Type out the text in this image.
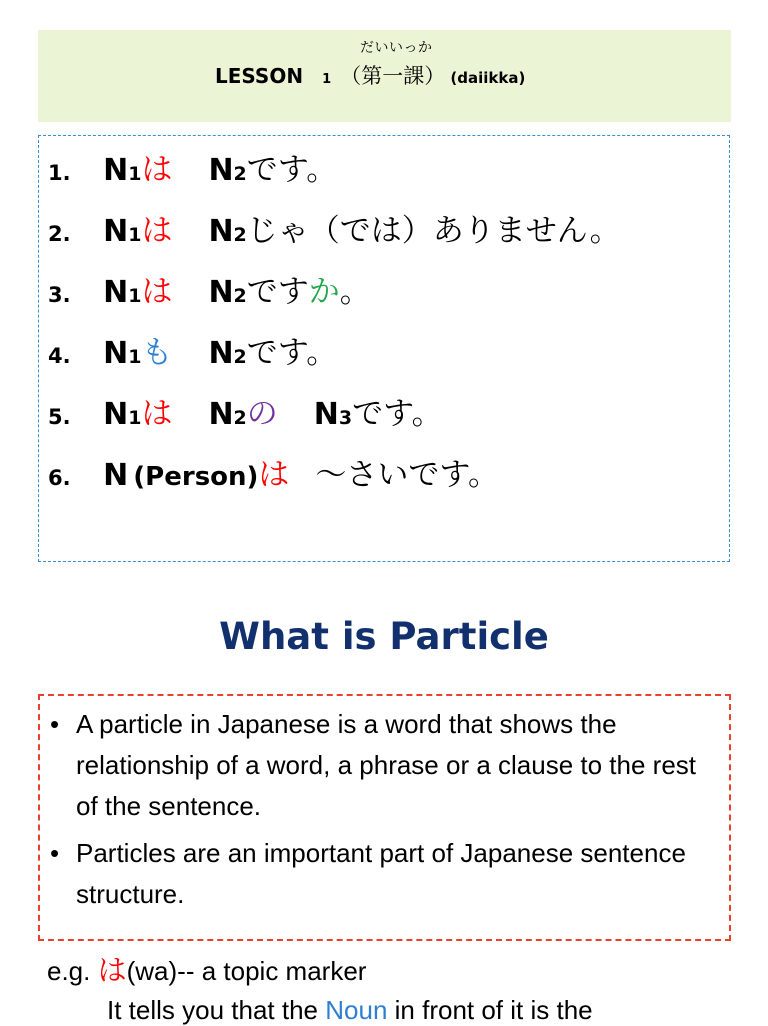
だいいっか
LESSON 1 （第一課） (daiikka)
1. N1は N2です。
2. N1は N2じゃ（では）ありません。
3. N1は N2ですか。
4. N1も N2です。
5. N1は N2の N3です。
6. N (Person)は ～さいです。
What is Particle
• A particle in Japanese is a word that shows the relationship of a word, a phrase or a clause to the rest of the sentence.
• Particles are an important part of Japanese sentence structure.
e.g. は(wa)-- a topic marker
It tells you that the Noun in front of it is the
